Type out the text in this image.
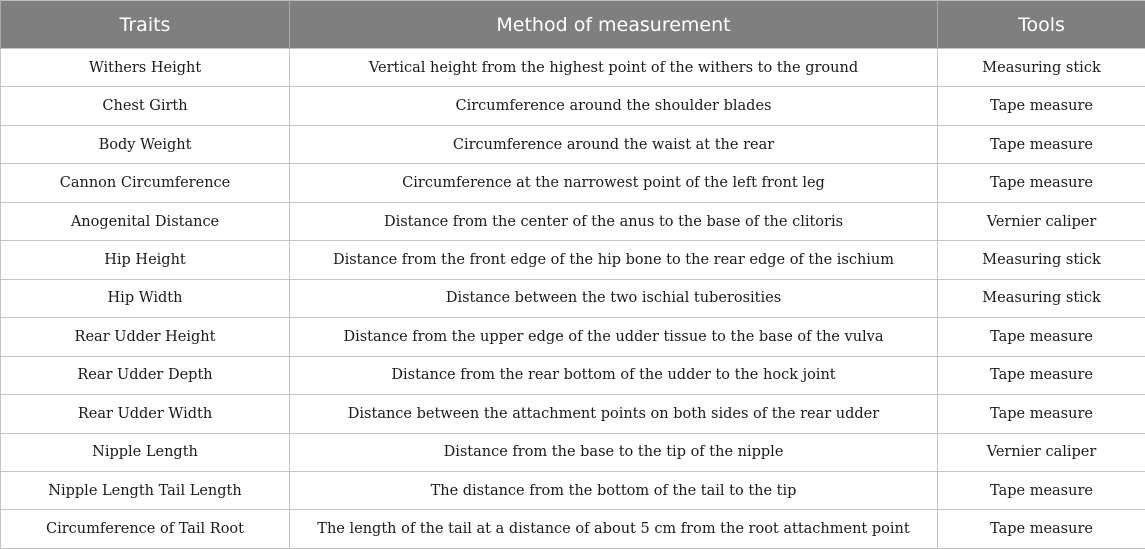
Traits	Method of measurement	Tools
Withers Height	Vertical height from the highest point of the withers to the ground	Measuring stick
Chest Girth	Circumference around the shoulder blades	Tape measure
Body Weight	Circumference around the waist at the rear	Tape measure
Cannon Circumference	Circumference at the narrowest point of the left front leg	Tape measure
Anogenital Distance	Distance from the center of the anus to the base of the clitoris	Vernier caliper
Hip Height	Distance from the front edge of the hip bone to the rear edge of the ischium	Measuring stick
Hip Width	Distance between the two ischial tuberosities	Measuring stick
Rear Udder Height	Distance from the upper edge of the udder tissue to the base of the vulva	Tape measure
Rear Udder Depth	Distance from the rear bottom of the udder to the hock joint	Tape measure
Rear Udder Width	Distance between the attachment points on both sides of the rear udder	Tape measure
Nipple Length	Distance from the base to the tip of the nipple	Vernier caliper
Nipple Length Tail Length	The distance from the bottom of the tail to the tip	Tape measure
Circumference of Tail Root	The length of the tail at a distance of about 5 cm from the root attachment point	Tape measure
